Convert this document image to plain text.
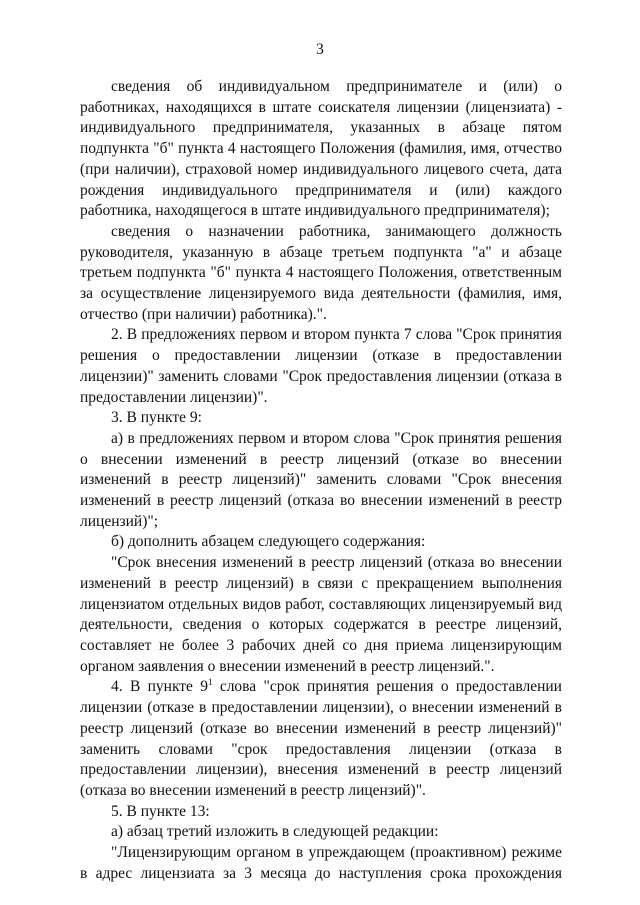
3

сведения об индивидуальном предпринимателе и (или) о работниках, находящихся в штате соискателя лицензии (лицензиата) - индивидуального предпринимателя, указанных в абзаце пятом подпункта "б" пункта 4 настоящего Положения (фамилия, имя, отчество (при наличии), страховой номер индивидуального лицевого счета, дата рождения индивидуального предпринимателя и (или) каждого работника, находящегося в штате индивидуального предпринимателя);

сведения о назначении работника, занимающего должность руководителя, указанную в абзаце третьем подпункта "а" и абзаце третьем подпункта "б" пункта 4 настоящего Положения, ответственным за осуществление лицензируемого вида деятельности (фамилия, имя, отчество (при наличии) работника).".

2. В предложениях первом и втором пункта 7 слова "Срок принятия решения о предоставлении лицензии (отказе в предоставлении лицензии)" заменить словами "Срок предоставления лицензии (отказа в предоставлении лицензии)".

3. В пункте 9:

а) в предложениях первом и втором слова "Срок принятия решения о внесении изменений в реестр лицензий (отказе во внесении изменений в реестр лицензий)" заменить словами "Срок внесения изменений в реестр лицензий (отказа во внесении изменений в реестр лицензий)";

б) дополнить абзацем следующего содержания:

"Срок внесения изменений в реестр лицензий (отказа во внесении изменений в реестр лицензий) в связи с прекращением выполнения лицензиатом отдельных видов работ, составляющих лицензируемый вид деятельности, сведения о которых содержатся в реестре лицензий, составляет не более 3 рабочих дней со дня приема лицензирующим органом заявления о внесении изменений в реестр лицензий.".

4. В пункте $9^1$ слова "срок принятия решения о предоставлении лицензии (отказе в предоставлении лицензии), о внесении изменений в реестр лицензий (отказе во внесении изменений в реестр лицензий)" заменить словами "срок предоставления лицензии (отказа в предоставлении лицензии), внесения изменений в реестр лицензий (отказа во внесении изменений в реестр лицензий)".

5. В пункте 13:

а) абзац третий изложить в следующей редакции:

"Лицензирующим органом в упреждающем (проактивном) режиме в адрес лицензиата за 3 месяца до наступления срока прохождения
